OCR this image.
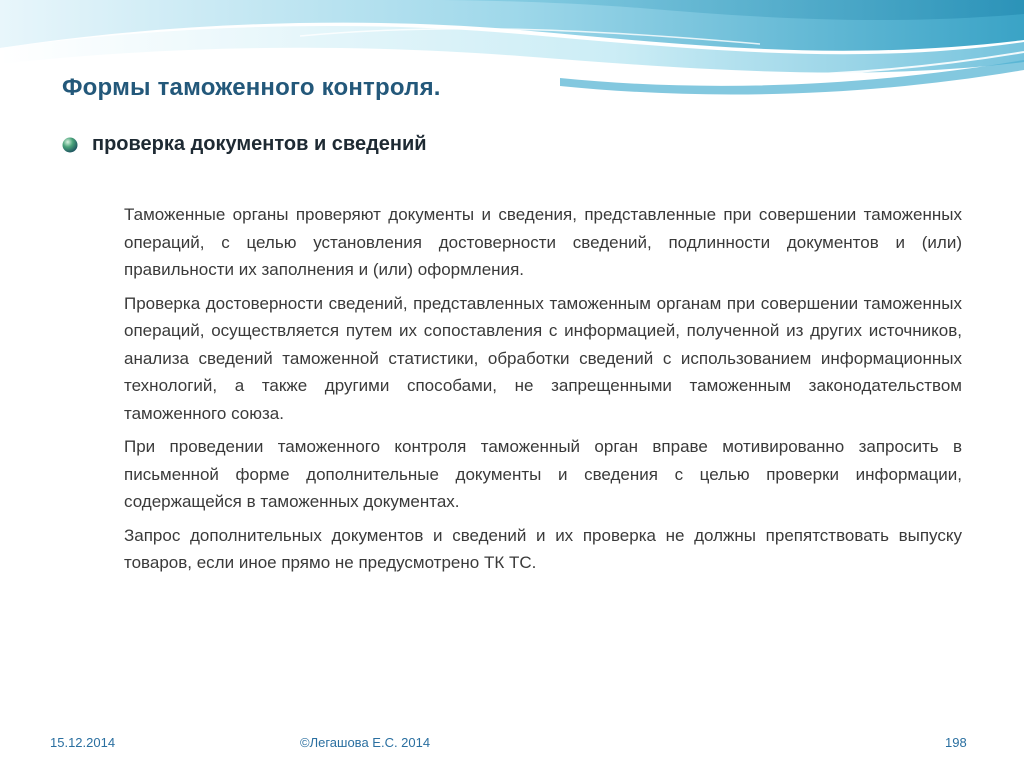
Формы таможенного контроля.
проверка документов и сведений

Таможенные органы проверяют документы и сведения, представленные при совершении таможенных операций, с целью установления достоверности сведений, подлинности документов и (или) правильности их заполнения и (или) оформления.

Проверка достоверности сведений, представленных таможенным органам при совершении таможенных операций, осуществляется путем их сопоставления с информацией, полученной из других источников, анализа сведений таможенной статистики, обработки сведений с использованием информационных технологий, а также другими способами, не запрещенными таможенным законодательством таможенного союза.

При проведении таможенного контроля таможенный орган вправе мотивированно запросить в письменной форме дополнительные документы и сведения с целью проверки информации, содержащейся в таможенных документах.

Запрос дополнительных документов и сведений и их проверка не должны препятствовать выпуску товаров, если иное прямо не предусмотрено ТК ТС.

15.12.2014	©Легашова Е.С. 2014	198
